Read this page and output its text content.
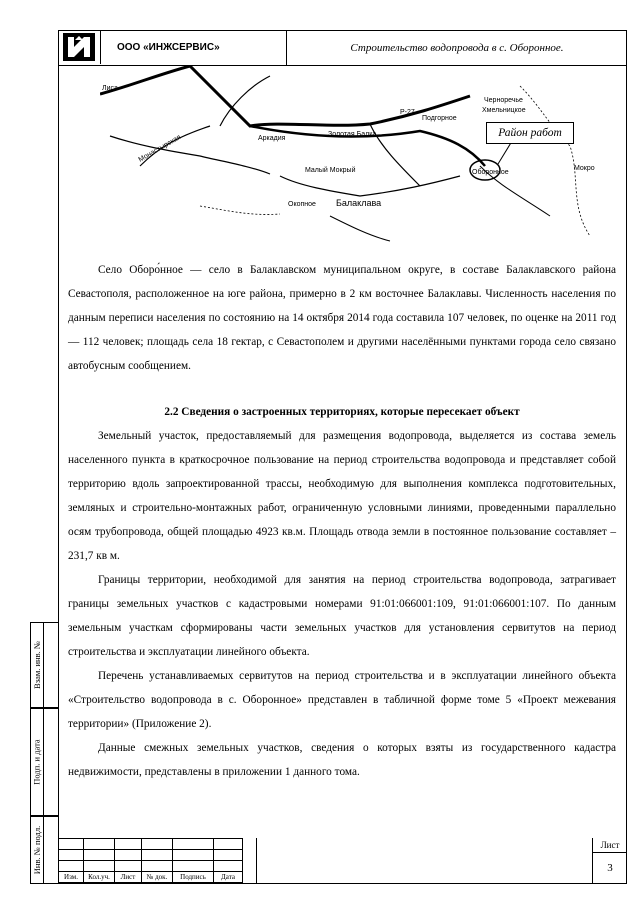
ООО «ИНЖСЕРВИС»	Строительство водопровода в с. Оборонное.
Лиса
Черноречье
Хмельницкое
Р-27
Подгорное
Золотая Балка
Аркадия
Малый Мокрый
Монастырская
Балаклава
Оборонное
Мокро
Окопное
Район работ

Село Оборо́нное — село в Балаклавском муниципальном округе, в составе Балаклавского района Севастополя, расположенное на юге района, примерно в 2 км восточнее Балаклавы. Численность населения по данным переписи населения по состоянию на 14 октября 2014 года составила 107 человек, по оценке на 2011 год — 112 человек; площадь села 18 гектар, с Севастополем и другими населёнными пунктами города село связано автобусным сообщением.

2.2 Сведения о застроенных территориях, которые пересекает объект

Земельный участок, предоставляемый для размещения водопровода, выделяется из состава земель населенного пункта в краткосрочное пользование на период строительства водопровода и представляет собой территорию вдоль запроектированной трассы, необходимую для выполнения комплекса подготовительных, земляных и строительно-монтажных работ, ограниченную условными линиями, проведенными параллельно осям трубопровода, общей площадью 4923 кв.м. Площадь отвода земли в постоянное пользование составляет – 231,7 кв м.

Границы территории, необходимой для занятия на период строительства водопровода, затрагивает границы земельных участков с кадастровыми номерами 91:01:066001:109, 91:01:066001:107. По данным земельным участкам сформированы части земельных участков для установления сервитутов на период строительства и эксплуатации линейного объекта.

Перечень устанавливаемых сервитутов на период строительства и в эксплуатации линейного объекта «Строительство водопровода в с. Оборонное» представлен в табличной форме томе 5 «Проект межевания территории» (Приложение 2).

Данные смежных земельных участков, сведения о которых взяты из государственного кадастра недвижимости, представлены в приложении 1 данного тома.

Взам. инв. №
Подп. и дата
Инв. № подл.

Изм.	Кол.уч.	Лист	№ док.	Подпись	Дата
Лист
3
